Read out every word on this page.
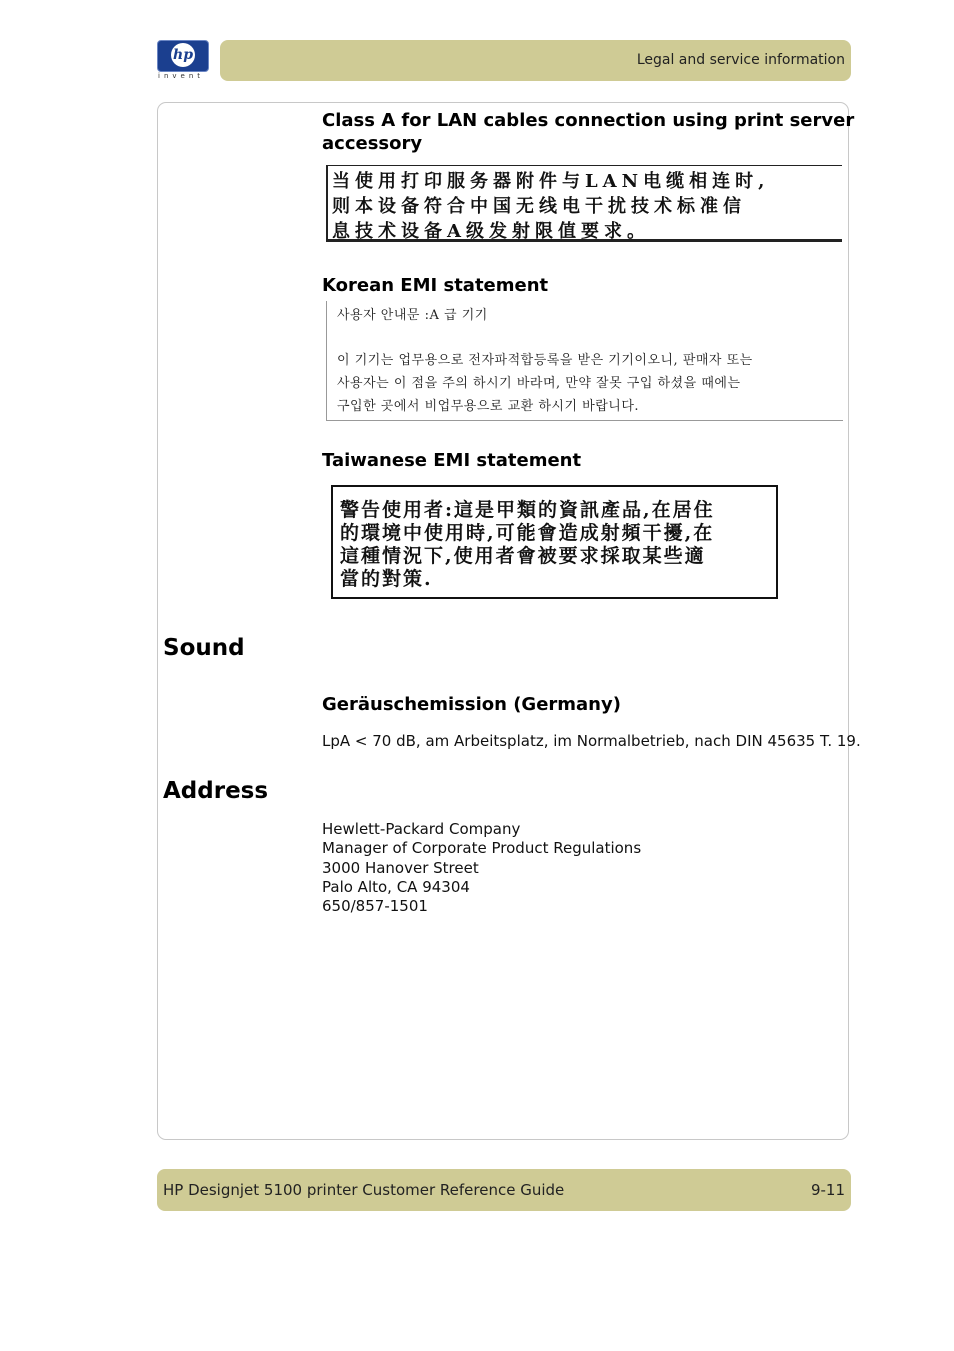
hp
invent
Legal and service information
Class A for LAN cables connection using print server
accessory
当使用打印服务器附件与LAN电缆相连时,
则本设备符合中国无线电干扰技术标准信
息技术设备A级发射限值要求。
Korean EMI statement
사용자 안내문 :A 급 기기
이 기기는 업무용으로 전자파적합등록을 받은 기기이오니, 판매자 또는
사용자는 이 점을 주의 하시기 바라며, 만약 잘못 구입 하셨을 때에는
구입한 곳에서 비업무용으로 교환 하시기 바랍니다.
Taiwanese EMI statement
警告使用者:這是甲類的資訊產品,在居住
的環境中使用時,可能會造成射頻干擾,在
這種情況下,使用者會被要求採取某些適
當的對策.
Sound
Geräuschemission (Germany)

LpA < 70 dB, am Arbeitsplatz, im Normalbetrieb, nach DIN 45635 T. 19.

Address
Hewlett-Packard Company
Manager of Corporate Product Regulations
3000 Hanover Street
Palo Alto, CA 94304
650/857-1501
HP Designjet 5100 printer Customer Reference Guide	9-11
